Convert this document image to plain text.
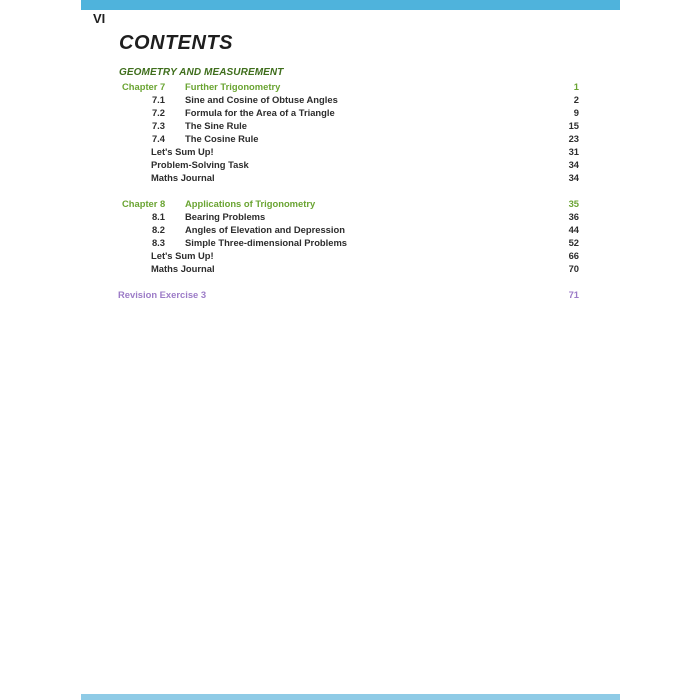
VI
CONTENTS
GEOMETRY AND MEASUREMENT
Chapter 7 Further Trigonometry	1
7.1 Sine and Cosine of Obtuse Angles	2
7.2 Formula for the Area of a Triangle	9
7.3 The Sine Rule	15
7.4 The Cosine Rule	23
Let's Sum Up!	31
Problem-Solving Task	34
Maths Journal	34
Chapter 8 Applications of Trigonometry	35
8.1 Bearing Problems	36
8.2 Angles of Elevation and Depression	44
8.3 Simple Three-dimensional Problems	52
Let's Sum Up!	66
Maths Journal	70
Revision Exercise 3	71
